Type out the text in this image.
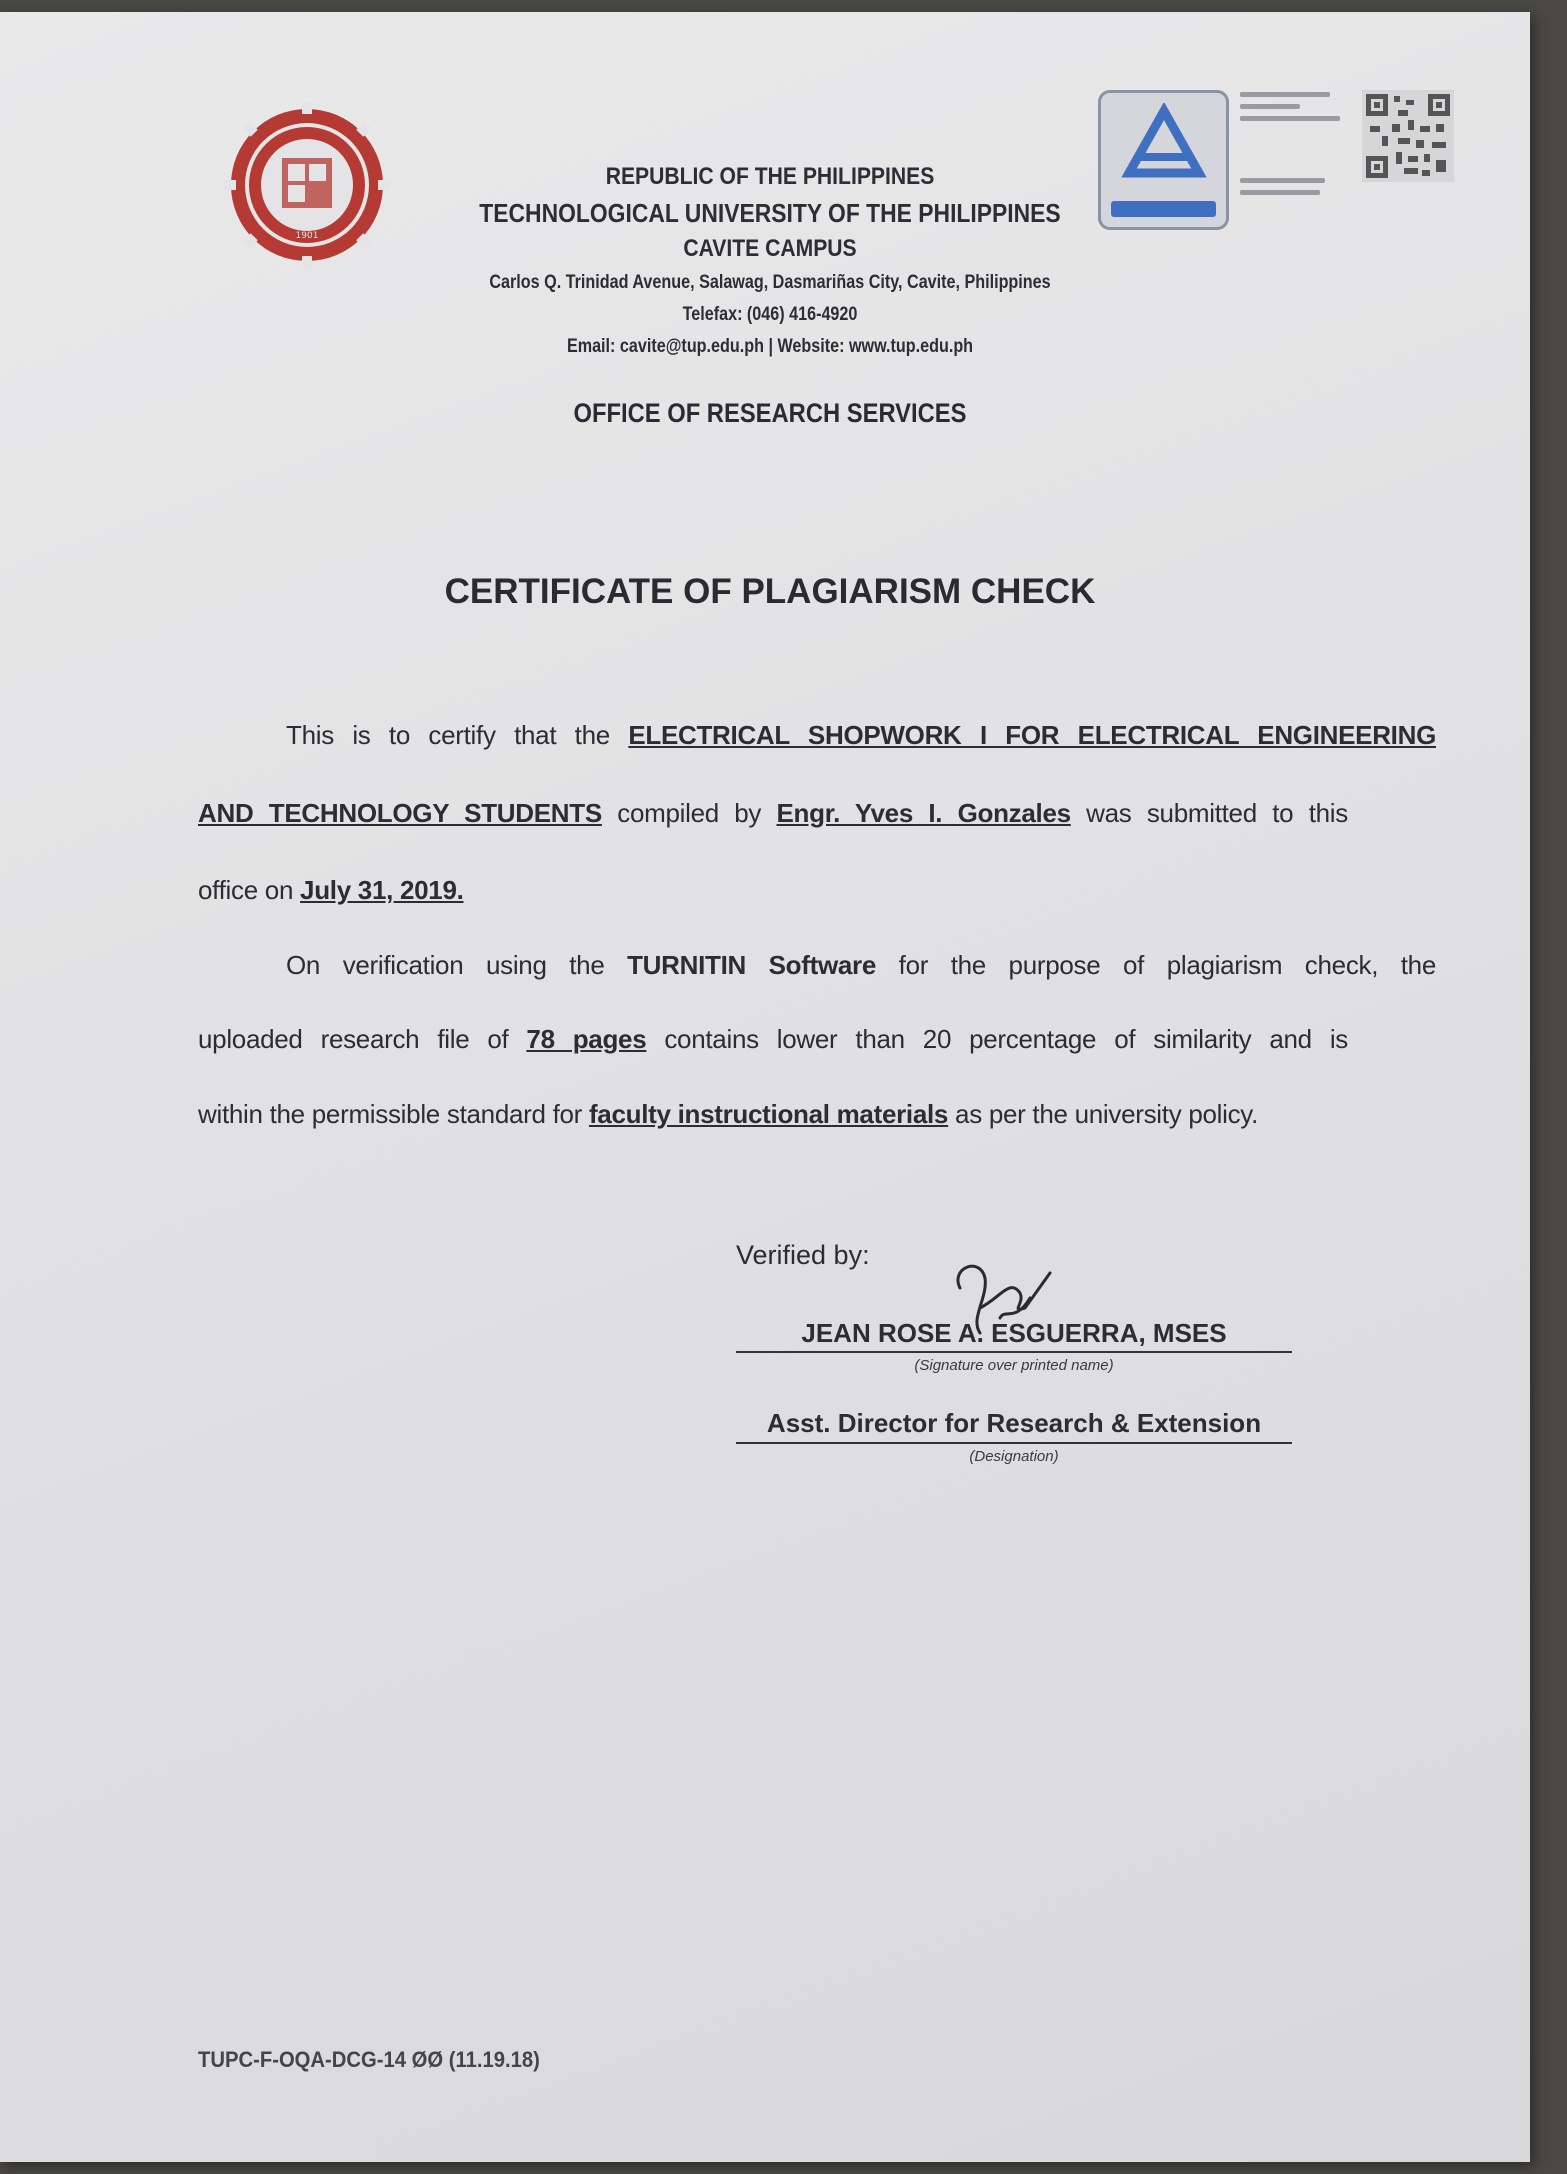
1901
REPUBLIC OF THE PHILIPPINES
TECHNOLOGICAL UNIVERSITY OF THE PHILIPPINES
CAVITE CAMPUS
Carlos Q. Trinidad Avenue, Salawag, Dasmariñas City, Cavite, Philippines
Telefax: (046) 416-4920
Email: cavite@tup.edu.ph | Website: www.tup.edu.ph
OFFICE OF RESEARCH SERVICES
CERTIFICATE OF PLAGIARISM CHECK
This is to certify that the ELECTRICAL SHOPWORK I FOR ELECTRICAL ENGINEERING
AND TECHNOLOGY STUDENTS compiled by Engr. Yves I. Gonzales was submitted to this
office on July 31, 2019.
On verification using the TURNITIN Software for the purpose of plagiarism check, the
uploaded research file of 78 pages contains lower than 20 percentage of similarity and is
within the permissible standard for faculty instructional materials as per the university policy.
Verified by:
JEAN ROSE A. ESGUERRA, MSES
(Signature over printed name)
Asst. Director for Research & Extension
(Designation)
TUPC-F-OQA-DCG-14 ØØ (11.19.18)
